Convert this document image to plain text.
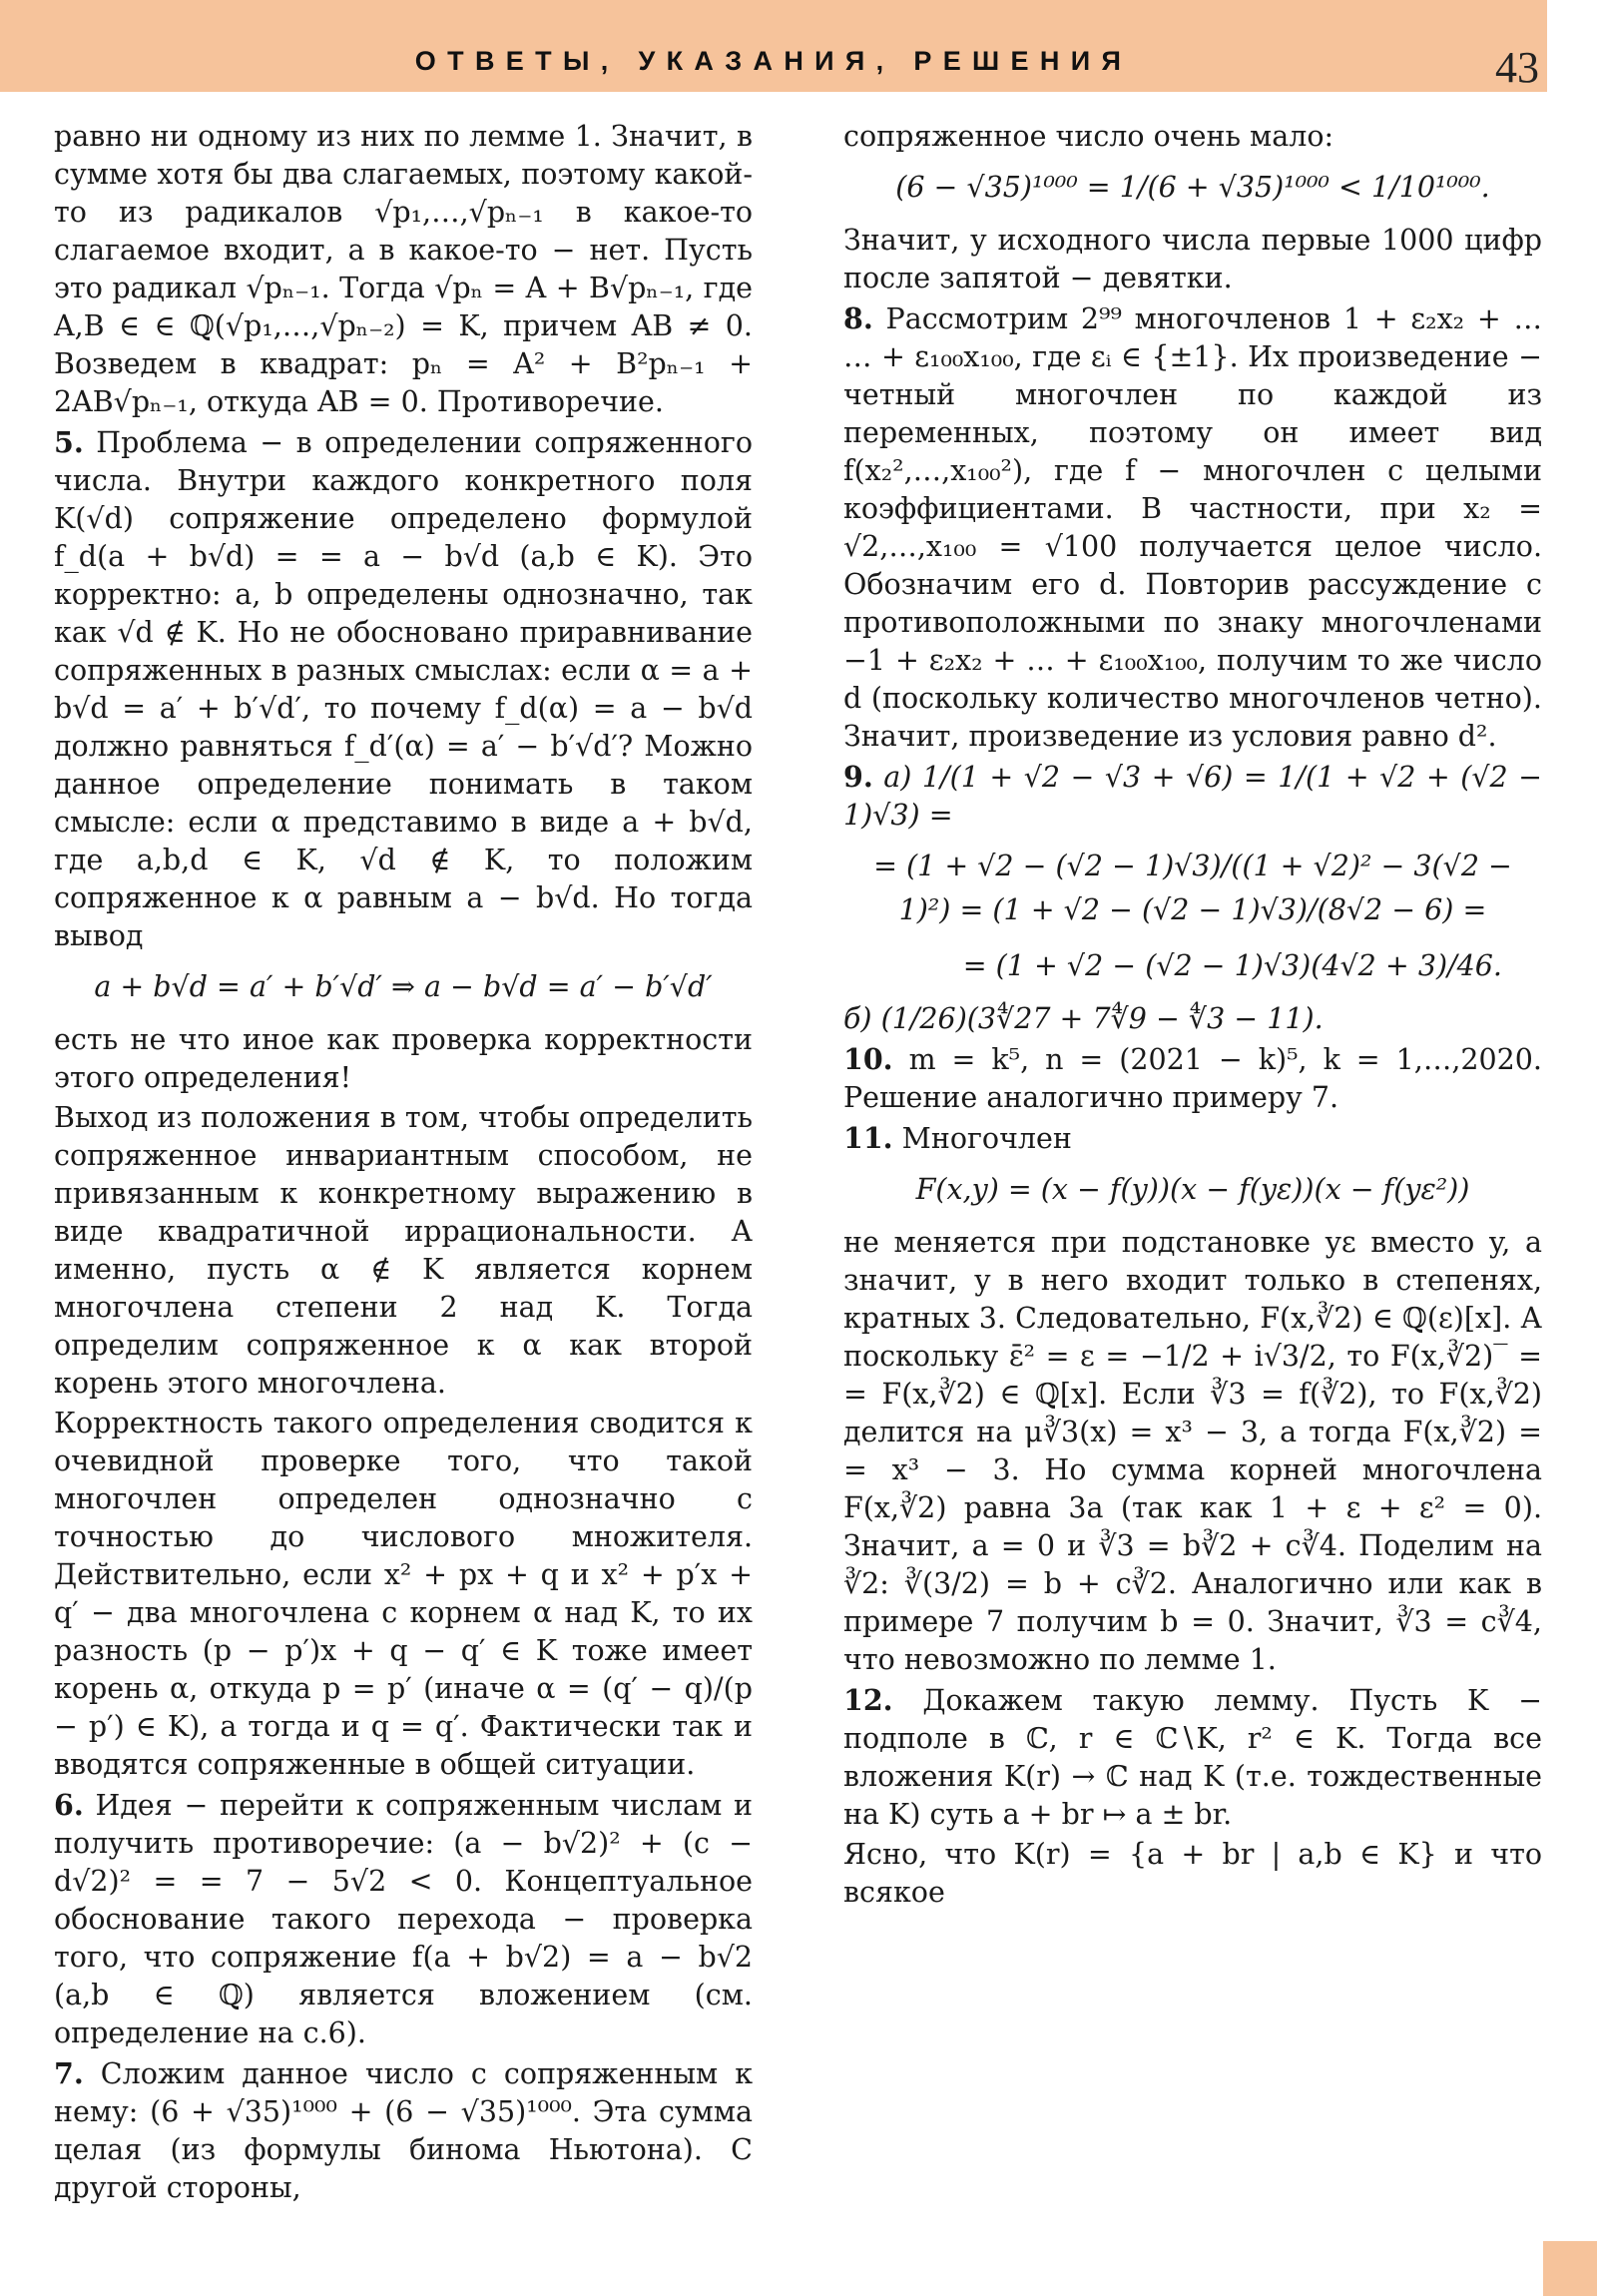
ОТВЕТЫ, УКАЗАНИЯ, РЕШЕНИЯ	43

равно ни одному из них по лемме 1. Значит, в сумме хотя бы два слагаемых, поэтому какой-то из радикалов √p₁,…,√pₙ₋₁ в какое-то слагаемое входит, а в какое-то − нет. Пусть это радикал √pₙ₋₁. Тогда √pₙ = A + B√pₙ₋₁, где A,B ∈ ∈ ℚ(√p₁,…,√pₙ₋₂) = K, причем AB ≠ 0. Возведем в квадрат: pₙ = A² + B²pₙ₋₁ + 2AB√pₙ₋₁, откуда AB = 0. Противоречие.

5. Проблема − в определении сопряженного числа. Внутри каждого конкретного поля K(√d) сопряжение определено формулой f_d(a + b√d) = = a − b√d (a,b ∈ K). Это корректно: a, b определены однозначно, так как √d ∉ K. Но не обосновано приравнивание сопряженных в разных смыслах: если α = a + b√d = a′ + b′√d′, то почему f_d(α) = a − b√d должно равняться f_d′(α) = a′ − b′√d′? Можно данное определение понимать в таком смысле: если α представимо в виде a + b√d, где a,b,d ∈ K, √d ∉ K, то положим сопряженное к α равным a − b√d. Но тогда вывод

a + b√d = a′ + b′√d′ ⇒ a − b√d = a′ − b′√d′

есть не что иное как проверка корректности этого определения!

Выход из положения в том, чтобы определить сопряженное инвариантным способом, не привязанным к конкретному выражению в виде квадратичной иррациональности. А именно, пусть α ∉ K является корнем многочлена степени 2 над K. Тогда определим сопряженное к α как второй корень этого многочлена.

Корректность такого определения сводится к очевидной проверке того, что такой многочлен определен однозначно с точностью до числового множителя. Действительно, если x² + px + q и x² + p′x + q′ − два многочлена с корнем α над K, то их разность (p − p′)x + q − q′ ∈ K тоже имеет корень α, откуда p = p′ (иначе α = (q′ − q)/(p − p′) ∈ K), а тогда и q = q′. Фактически так и вводятся сопряженные в общей ситуации.

6. Идея − перейти к сопряженным числам и получить противоречие: (a − b√2)² + (c − d√2)² = = 7 − 5√2 < 0. Концептуальное обоснование такого перехода − проверка того, что сопряжение f(a + b√2) = a − b√2 (a,b ∈ ℚ) является вложением (см. определение на с.6).

7. Сложим данное число с сопряженным к нему: (6 + √35)¹⁰⁰⁰ + (6 − √35)¹⁰⁰⁰. Эта сумма целая (из формулы бинома Ньютона). С другой стороны,

сопряженное число очень мало:

(6 − √35)¹⁰⁰⁰ = 1/(6 + √35)¹⁰⁰⁰ < 1/10¹⁰⁰⁰.

Значит, у исходного числа первые 1000 цифр после запятой − девятки.

8. Рассмотрим 2⁹⁹ многочленов 1 + ε₂x₂ + … … + ε₁₀₀x₁₀₀, где εᵢ ∈ {±1}. Их произведение − четный многочлен по каждой из переменных, поэтому он имеет вид f(x₂²,…,x₁₀₀²), где f − многочлен с целыми коэффициентами. В частности, при x₂ = √2,…,x₁₀₀ = √100 получается целое число. Обозначим его d. Повторив рассуждение с противоположными по знаку многочленами −1 + ε₂x₂ + … + ε₁₀₀x₁₀₀, получим то же число d (поскольку количество многочленов четно). Значит, произведение из условия равно d².

9. а) 1/(1 + √2 − √3 + √6) = 1/(1 + √2 + (√2 − 1)√3) =

= (1 + √2 − (√2 − 1)√3)/((1 + √2)² − 3(√2 − 1)²) = (1 + √2 − (√2 − 1)√3)/(8√2 − 6) =
= (1 + √2 − (√2 − 1)√3)(4√2 + 3)/46.

б) (1/26)(3∜27 + 7∜9 − ∜3 − 11).

10. m = k⁵, n = (2021 − k)⁵, k = 1,…,2020. Решение аналогично примеру 7.

11. Многочлен

F(x,y) = (x − f(y))(x − f(yε))(x − f(yε²))

не меняется при подстановке yε вместо y, а значит, y в него входит только в степенях, кратных 3. Следовательно, F(x,∛2) ∈ ℚ(ε)[x]. А поскольку ε̄² = ε = −1/2 + i√3/2, то F(x,∛2)‾ = = F(x,∛2) ∈ ℚ[x]. Если ∛3 = f(∛2), то F(x,∛2) делится на μ∛3(x) = x³ − 3, а тогда F(x,∛2) = = x³ − 3. Но сумма корней многочлена F(x,∛2) равна 3a (так как 1 + ε + ε² = 0). Значит, a = 0 и ∛3 = b∛2 + c∛4. Поделим на ∛2: ∛(3/2) = b + c∛2. Аналогично или как в примере 7 получим b = 0. Значит, ∛3 = c∛4, что невозможно по лемме 1.

12. Докажем такую лемму. Пусть K − подполе в ℂ, r ∈ ℂ∖K, r² ∈ K. Тогда все вложения K(r) → ℂ над K (т.е. тождественные на K) суть a + br ↦ a ± br.

Ясно, что K(r) = {a + br | a,b ∈ K} и что всякое
